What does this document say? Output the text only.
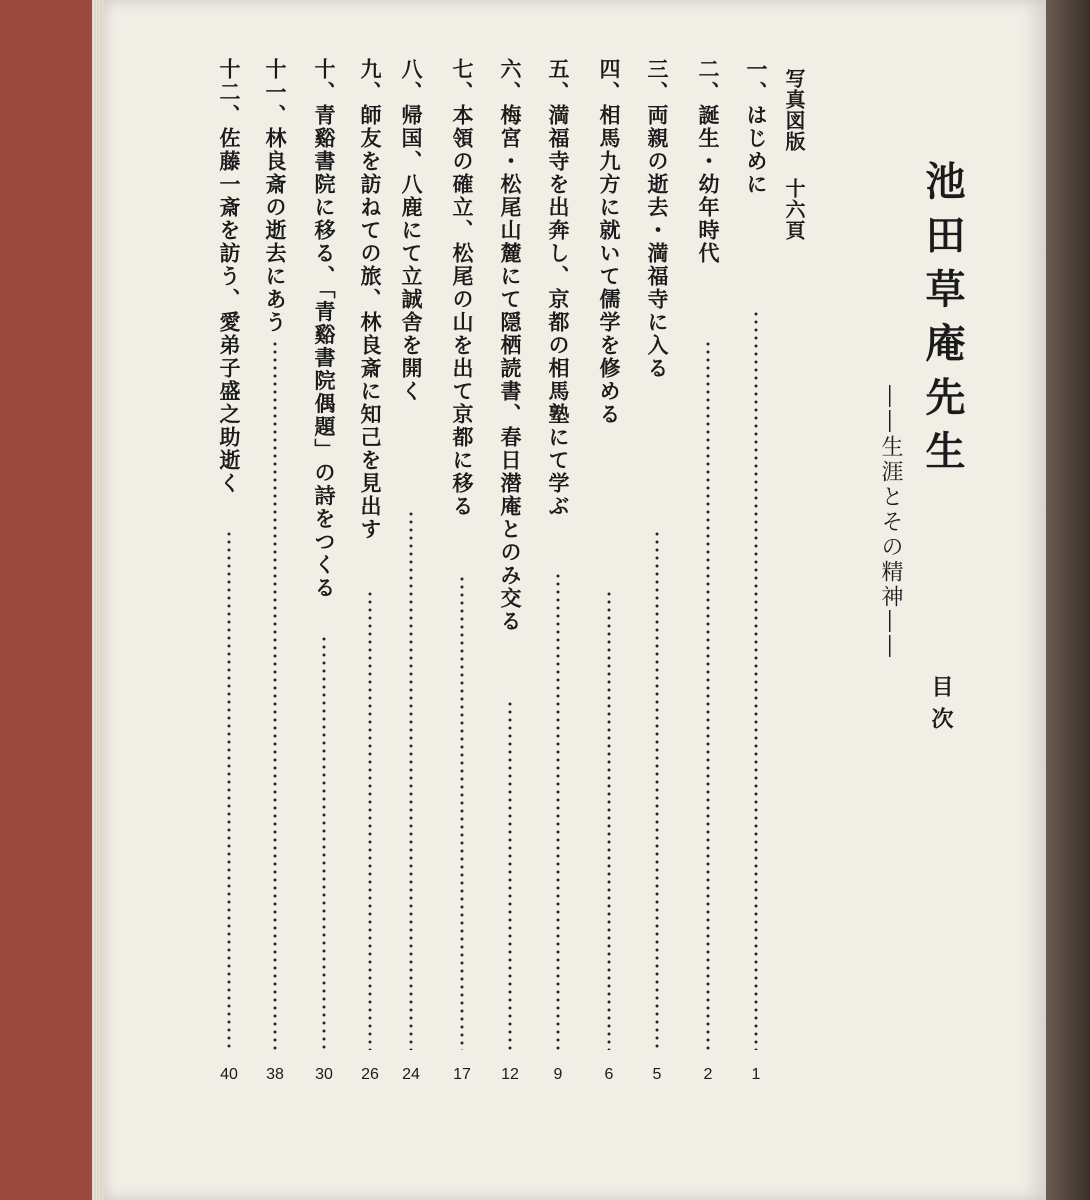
池田草庵先生
――生涯とその精神――
目次
写真図版十六頁
一、はじめに
1
二、誕生・幼年時代
2
三、両親の逝去・満福寺に入る
5
四、相馬九方に就いて儒学を修める
6
五、満福寺を出奔し、京都の相馬塾にて学ぶ
9
六、梅宮・松尾山麓にて隠栖読書、春日潜庵とのみ交る
12
七、本領の確立、松尾の山を出て京都に移る
17
八、帰国、八鹿にて立誠舎を開く
24
九、師友を訪ねての旅、林良斎に知己を見出す
26
十、青谿書院に移る、「青谿書院偶題」の詩をつくる
30
十一、林良斎の逝去にあう
38
十二、佐藤一斎を訪う、愛弟子盛之助逝く
40
